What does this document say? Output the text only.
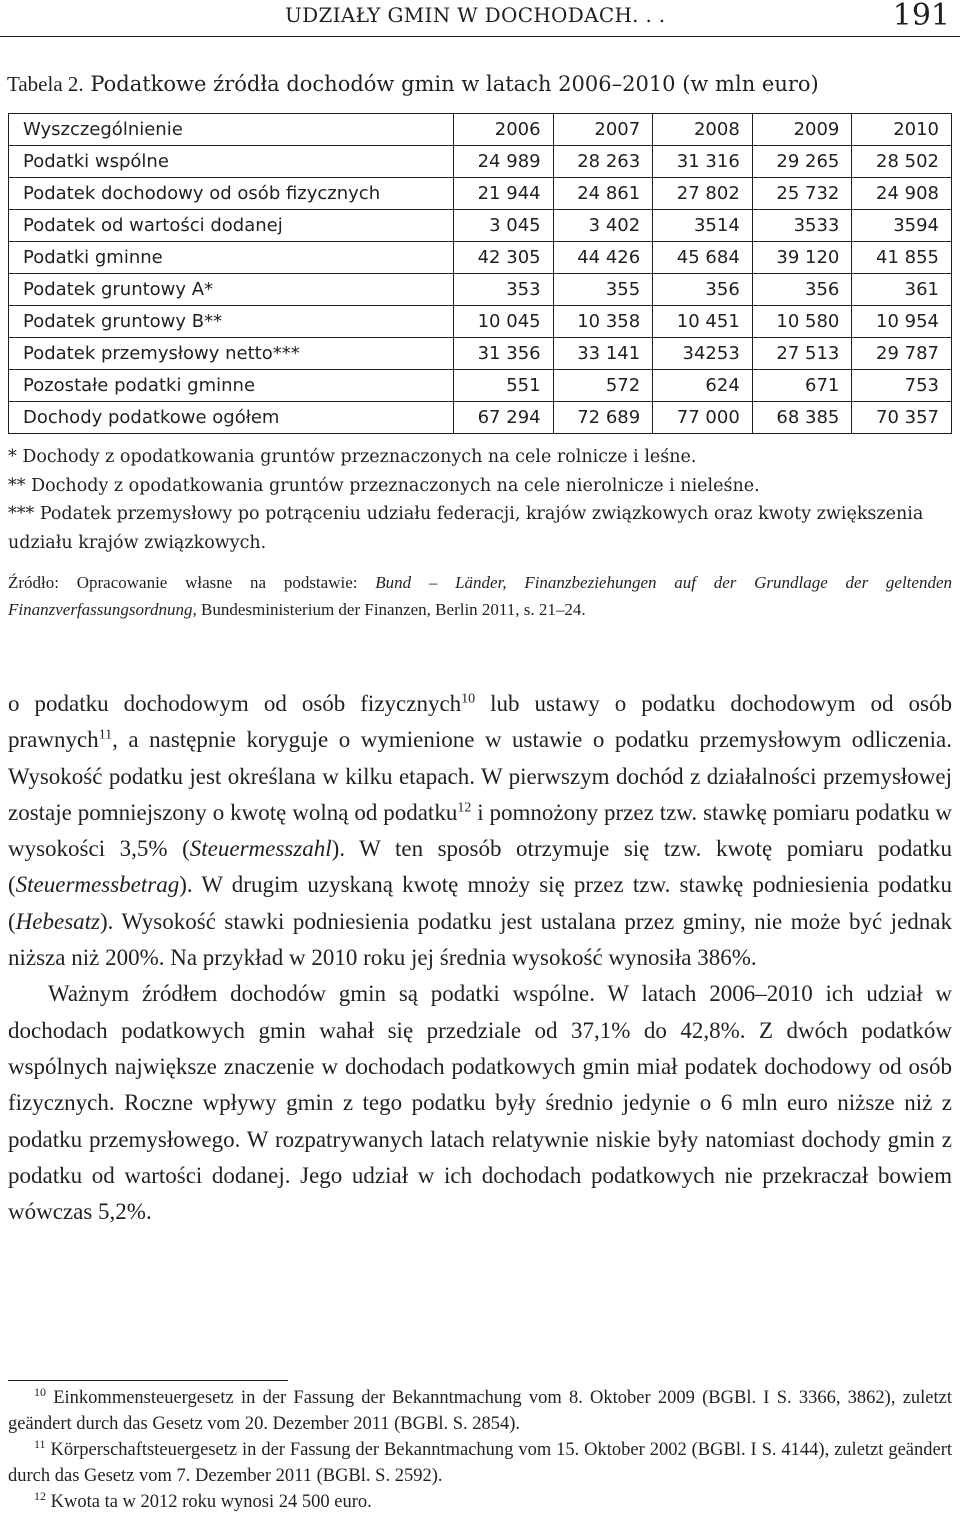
UDZIAŁY GMIN W DOCHODACH. . .	191
Tabela 2. Podatkowe źródła dochodów gmin w latach 2006–2010 (w mln euro)
Wyszczególnienie	2006	2007	2008	2009	2010
Podatki wspólne	24 989	28 263	31 316	29 265	28 502
Podatek dochodowy od osób fizycznych	21 944	24 861	27 802	25 732	24 908
Podatek od wartości dodanej	3 045	3 402	3514	3533	3594
Podatki gminne	42 305	44 426	45 684	39 120	41 855
Podatek gruntowy A*	353	355	356	356	361
Podatek gruntowy B**	10 045	10 358	10 451	10 580	10 954
Podatek przemysłowy netto***	31 356	33 141	34253	27 513	29 787
Pozostałe podatki gminne	551	572	624	671	753
Dochody podatkowe ogółem	67 294	72 689	77 000	68 385	70 357

* Dochody z opodatkowania gruntów przeznaczonych na cele rolnicze i leśne.

** Dochody z opodatkowania gruntów przeznaczonych na cele nierolnicze i nieleśne.

*** Podatek przemysłowy po potrąceniu udziału federacji, krajów związkowych oraz kwoty zwiększenia udziału krajów związkowych.

Źródło: Opracowanie własne na podstawie: Bund – Länder, Finanzbeziehungen auf der Grundlage der geltenden Finanzverfassungsordnung, Bundesministerium der Finanzen, Berlin 2011, s. 21–24.

o podatku dochodowym od osób fizycznych$^{10}$ lub ustawy o podatku dochodowym od osób prawnych$^{11}$, a następnie koryguje o wymienione w ustawie o podatku przemysłowym odliczenia. Wysokość podatku jest określana w kilku etapach. W pierwszym dochód z działalności przemysłowej zostaje pomniejszony o kwotę wolną od podatku$^{12}$ i pomnożony przez tzw. stawkę pomiaru podatku w wysokości 3,5% (Steuermesszahl). W ten sposób otrzymuje się tzw. kwotę pomiaru podatku (Steuermessbetrag). W drugim uzyskaną kwotę mnoży się przez tzw. stawkę podniesienia podatku (Hebesatz). Wysokość stawki podniesienia podatku jest ustalana przez gminy, nie może być jednak niższa niż 200%. Na przykład w 2010 roku jej średnia wysokość wynosiła 386%.

Ważnym źródłem dochodów gmin są podatki wspólne. W latach 2006–2010 ich udział w dochodach podatkowych gmin wahał się przedziale od 37,1% do 42,8%. Z dwóch podatków wspólnych największe znaczenie w dochodach podatkowych gmin miał podatek dochodowy od osób fizycznych. Roczne wpływy gmin z tego podatku były średnio jedynie o 6 mln euro niższe niż z podatku przemysłowego. W rozpatrywanych latach relatywnie niskie były natomiast dochody gmin z podatku od wartości dodanej. Jego udział w ich dochodach podatkowych nie przekraczał bowiem wówczas 5,2%.

$^{10}$ Einkommensteuergesetz in der Fassung der Bekanntmachung vom 8. Oktober 2009 (BGBl. I S. 3366, 3862), zuletzt geändert durch das Gesetz vom 20. Dezember 2011 (BGBl. S. 2854).

$^{11}$ Körperschaftsteuergesetz in der Fassung der Bekanntmachung vom 15. Oktober 2002 (BGBl. I S. 4144), zuletzt geändert durch das Gesetz vom 7. Dezember 2011 (BGBl. S. 2592).

$^{12}$ Kwota ta w 2012 roku wynosi 24 500 euro.
